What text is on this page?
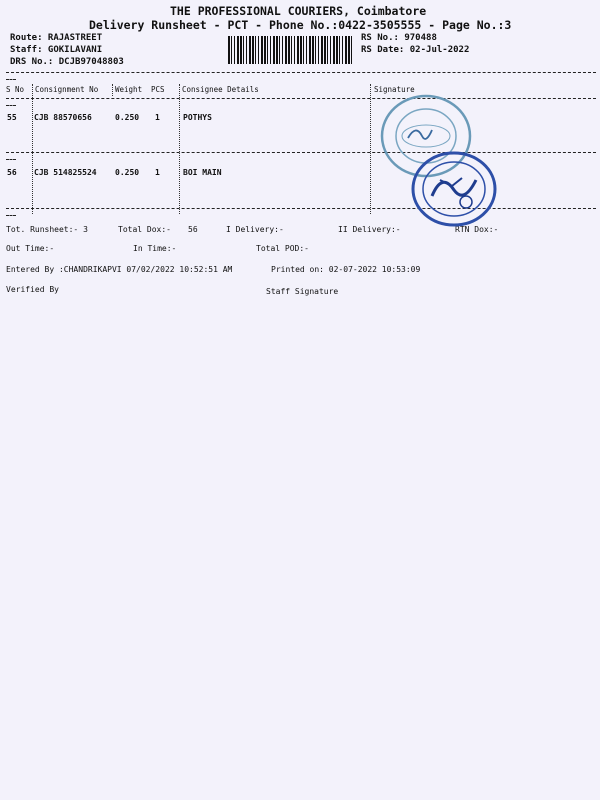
THE PROFESSIONAL COURIERS, Coimbatore
Delivery Runsheet - PCT - Phone No.:0422-3505555 - Page No.:3
Route: RAJASTREET
Staff: GOKILAVANI
DRS No.: DCJB97048803
RS No.: 970488
RS Date: 02-Jul-2022
S No Consignment No Weight PCS Consignee Details	Signature
55 CJB 88570656	0.250 1	POTHYS
56 CJB 514825524 0.250 1	BOI MAIN
Tot. Runsheet:- 3	Total Dox:- 56	I Delivery:-	II Delivery:-	RTN Dox:-
Out Time:-	In Time:-	Total POD:-
Entered By :CHANDRIKAPVI 07/02/2022 10:52:51 AM	Printed on: 02-07-2022 10:53:09
Verified By	Staff Signature
